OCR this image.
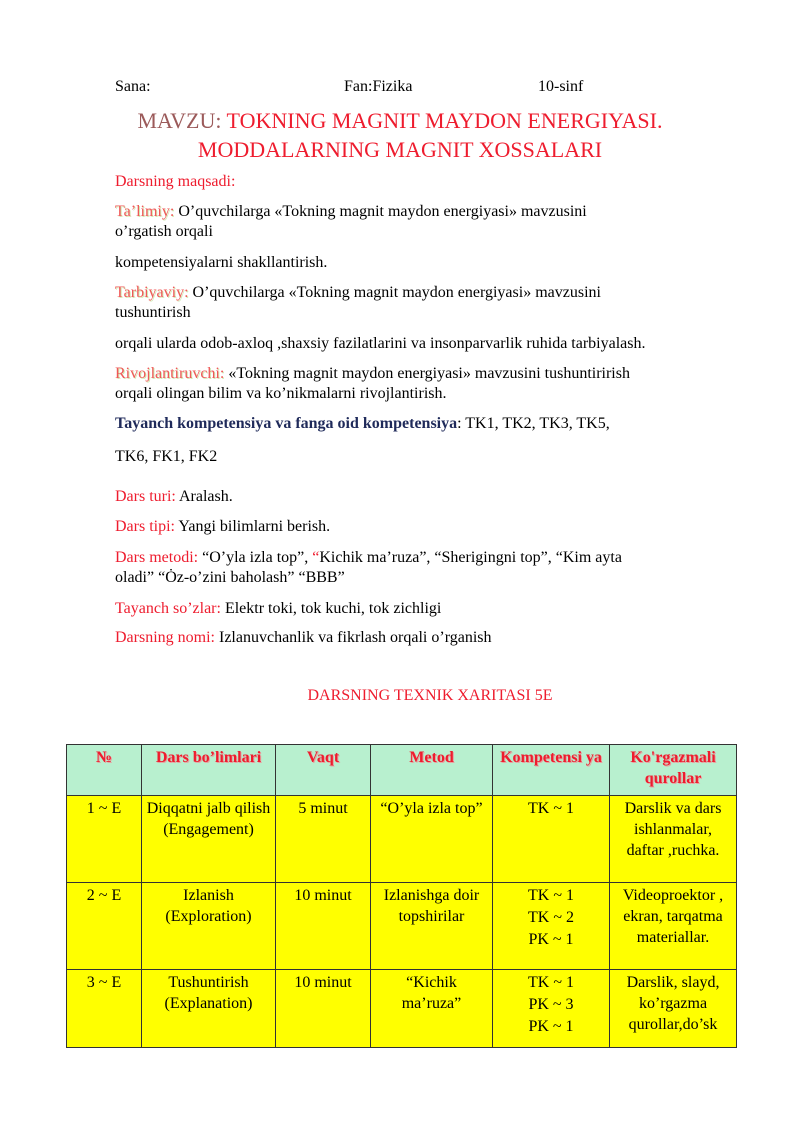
Sana:	Fan:Fizika	10-sinf
MAVZU: TOKNING MAGNIT MAYDON ENERGIYASI.
MODDALARNING MAGNIT XOSSALARI
Darsning maqsadi:
Ta’limiy: O’quvchilarga «Tokning magnit maydon energiyasi» mavzusini
o’rgatish orqali
kompetensiyalarni shakllantirish.
Tarbiyaviy: O’quvchilarga «Tokning magnit maydon energiyasi» mavzusini
tushuntirish
orqali ularda odob-axloq ,shaxsiy fazilatlarini va insonparvarlik ruhida tarbiyalash.
Rivojlantiruvchi: «Tokning magnit maydon energiyasi» mavzusini tushuntirirish
orqali olingan bilim va ko’nikmalarni rivojlantirish.
Tayanch kompetensiya va fanga oid kompetensiya: TK1, TK2, TK3, TK5,
TK6, FK1, FK2
Dars turi: Aralash.
Dars tipi: Yangi bilimlarni berish.
Dars metodi: “O’yla izla top”, “Kichik ma’ruza”, “Sherigingni top”, “Kim ayta
oladi” “Ȯz-o’zini baholash” “BBB”
Tayanch so’zlar: Elektr toki, tok kuchi, tok zichligi
Darsning nomi: Izlanuvchanlik va fikrlash orqali o’rganish
DARSNING TEXNIK XARITASI 5E
№	Dars bo’limlari	Vaqt	Metod	Kompetensi ya	Ko'rgazmali qurollar
1 ~ E	Diqqatni jalb qilish (Engagement)	5 minut	“O’yla izla top”	TK ~ 1	Darslik va dars ishlanmalar, daftar ,ruchka.
2 ~ E	Izlanish (Exploration)	10 minut	Izlanishga doir topshirilar	TK ~ 1
TK ~ 2
PK ~ 1	Videoproektor , ekran, tarqatma materiallar.
3 ~ E	Tushuntirish (Explanation)	10 minut	“Kichik ma’ruza”	TK ~ 1
PK ~ 3
PK ~ 1	Darslik, slayd, ko’rgazma qurollar,do’sk
